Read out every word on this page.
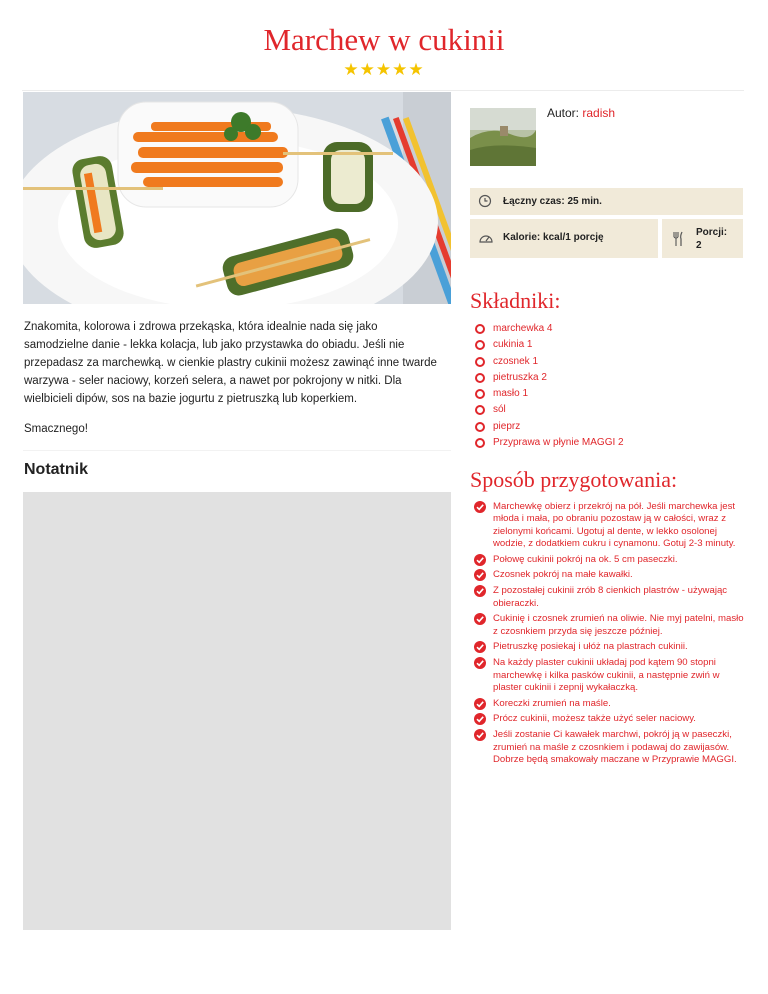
Marchew w cukinii
★★★★★

Znakomita, kolorowa i zdrowa przekąska, która idealnie nada się jako samodzielne danie - lekka kolacja, lub jako przystawka do obiadu. Jeśli nie przepadasz za marchewką. w cienkie plastry cukinii możesz zawinąć inne twarde warzywa - seler naciowy, korzeń selera, a nawet por pokrojony w nitki. Dla wielbicieli dipów, sos na bazie jogurtu z pietruszką lub koperkiem.

Smacznego!

Notatnik
Autor: radish
Łączny czas: 25 min.
Kalorie: kcal/1 porcję	Porcji:
2
Składniki:
marchewka 4
cukinia 1
czosnek 1
pietruszka 2
masło 1
sól
pieprz
Przyprawa w płynie MAGGI 2
Sposób przygotowania:
Marchewkę obierz i przekrój na pół. Jeśli marchewka jest młoda i mała, po obraniu pozostaw ją w całości, wraz z zielonymi końcami. Ugotuj al dente, w lekko osolonej wodzie, z dodatkiem cukru i cynamonu. Gotuj 2-3 minuty.
Połowę cukinii pokrój na ok. 5 cm paseczki.
Czosnek pokrój na małe kawałki.
Z pozostałej cukinii zrób 8 cienkich plastrów - używając obieraczki.
Cukinię i czosnek zrumień na oliwie. Nie myj patelni, masło z czosnkiem przyda się jeszcze później.
Pietruszkę posiekaj i ułóż na plastrach cukinii.
Na każdy plaster cukinii układaj pod kątem 90 stopni marchewkę i kilka pasków cukinii, a następnie zwiń w plaster cukinii i zepnij wykałaczką.
Koreczki zrumień na maśle.
Prócz cukinii, możesz także użyć seler naciowy.
Jeśli zostanie Ci kawałek marchwi, pokrój ją w paseczki, zrumień na maśle z czosnkiem i podawaj do zawijasów. Dobrze będą smakowały maczane w Przyprawie MAGGI.
